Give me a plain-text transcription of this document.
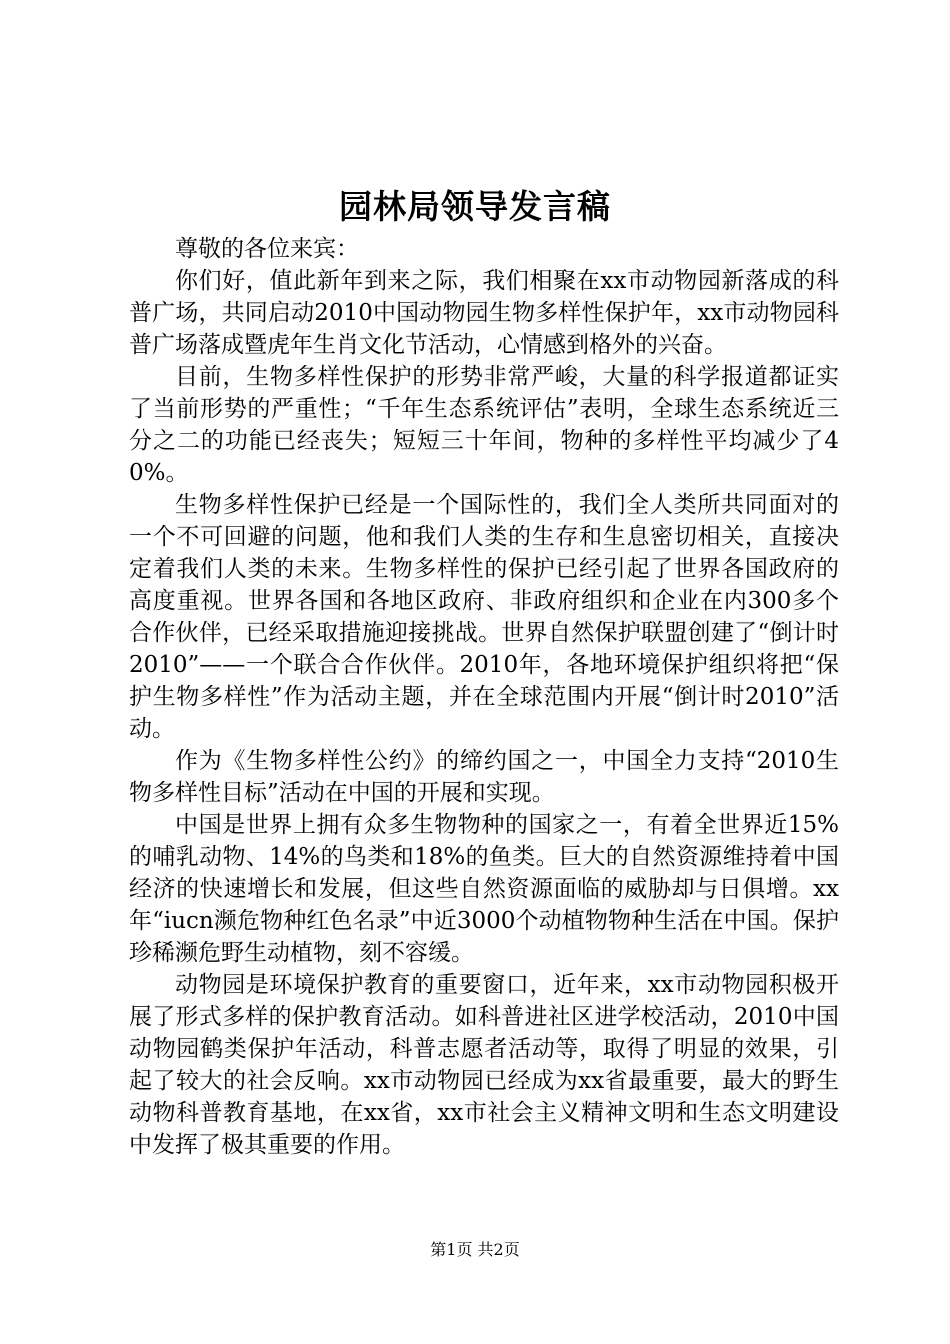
园林局领导发言稿

尊敬的各位来宾：

你们好，值此新年到来之际，我们相聚在xx市动物园新落成的科普广场，共同启动2010中国动物园生物多样性保护年，xx市动物园科普广场落成暨虎年生肖文化节活动，心情感到格外的兴奋。

目前，生物多样性保护的形势非常严峻，大量的科学报道都证实了当前形势的严重性；“千年生态系统评估”表明，全球生态系统近三分之二的功能已经丧失；短短三十年间，物种的多样性平均减少了40%。

生物多样性保护已经是一个国际性的，我们全人类所共同面对的一个不可回避的问题，他和我们人类的生存和生息密切相关，直接决定着我们人类的未来。生物多样性的保护已经引起了世界各国政府的高度重视。世界各国和各地区政府、非政府组织和企业在内300多个合作伙伴，已经采取措施迎接挑战。世界自然保护联盟创建了“倒计时2010”——一个联合合作伙伴。2010年，各地环境保护组织将把“保护生物多样性”作为活动主题，并在全球范围内开展“倒计时2010”活动。

作为《生物多样性公约》的缔约国之一，中国全力支持“2010生物多样性目标”活动在中国的开展和实现。

中国是世界上拥有众多生物物种的国家之一，有着全世界近15%的哺乳动物、14%的鸟类和18%的鱼类。巨大的自然资源维持着中国经济的快速增长和发展，但这些自然资源面临的威胁却与日俱增。xx年“iucn濒危物种红色名录”中近3000个动植物物种生活在中国。保护珍稀濒危野生动植物，刻不容缓。

动物园是环境保护教育的重要窗口，近年来，xx市动物园积极开展了形式多样的保护教育活动。如科普进社区进学校活动，2010中国动物园鹤类保护年活动，科普志愿者活动等，取得了明显的效果，引起了较大的社会反响。xx市动物园已经成为xx省最重要，最大的野生动物科普教育基地，在xx省，xx市社会主义精神文明和生态文明建设中发挥了极其重要的作用。

第1页 共2页
